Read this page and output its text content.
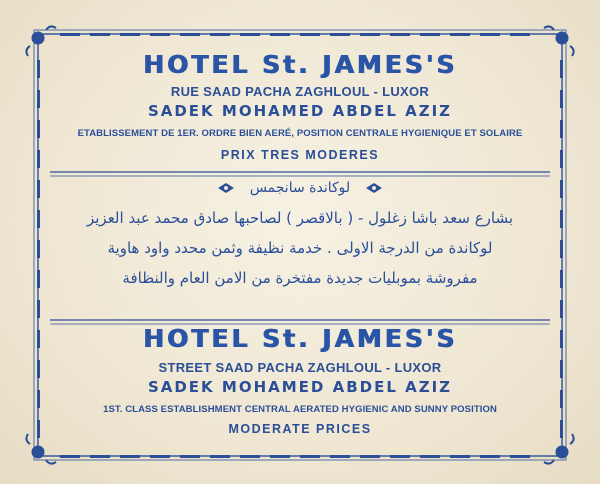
HOTEL St. JAMES'S
RUE SAAD PACHA ZAGHLOUL - LUXOR
SADEK MOHAMED ABDEL AZIZ
ETABLISSEMENT DE 1ER. ORDRE BIEN AERÉ, POSITION CENTRALE HYGIENIQUE ET SOLAIRE
PRIX TRES MODERES
لوكاندة سانجمس
بشارع سعد باشا زغلول - ( بالاقصر ) لصاحبها صادق محمد عبد العزيز
لوكاندة من الدرجة الاولى . خدمة نظيفة وثمن محدد واود هاوية
مفروشة بموبليات جديدة مفتخرة من الامن العام والنظافة
HOTEL St. JAMES'S
STREET SAAD PACHA ZAGHLOUL - LUXOR
SADEK MOHAMED ABDEL AZIZ
1ST. CLASS ESTABLISHMENT CENTRAL AERATED HYGIENIC AND SUNNY POSITION
MODERATE PRICES
